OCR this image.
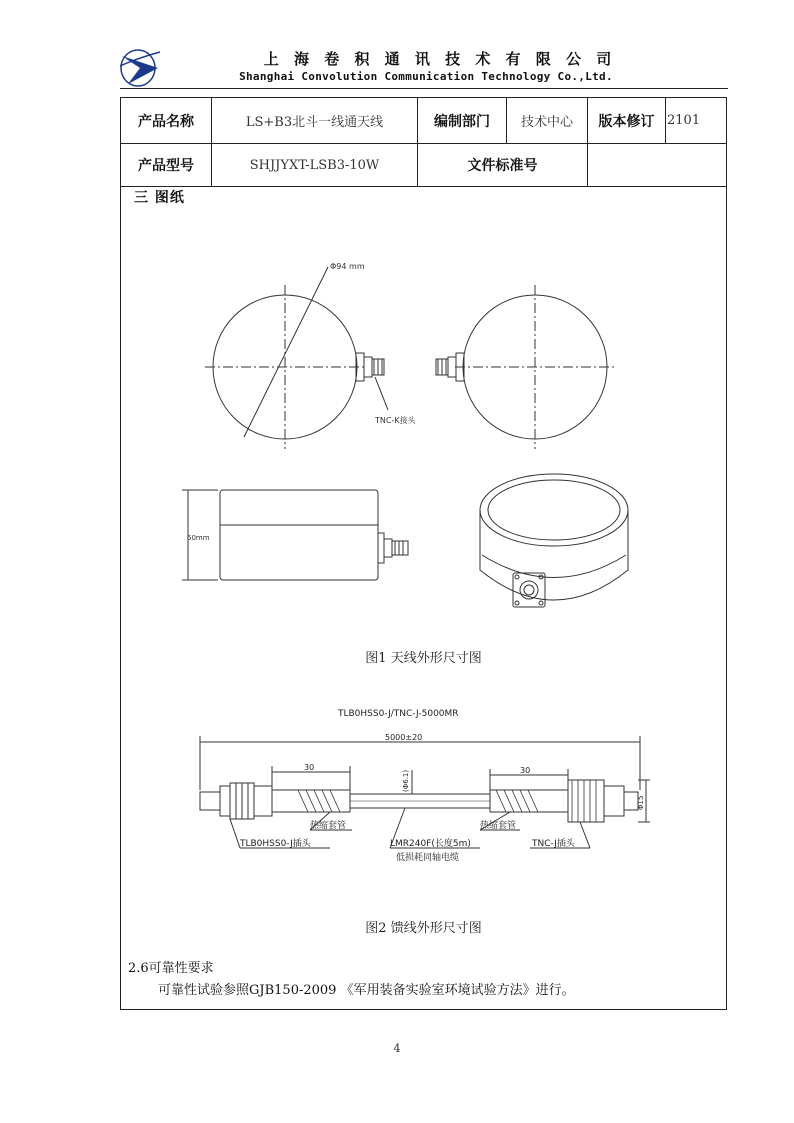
上 海 卷 积 通 讯 技 术 有 限 公 司
Shanghai Convolution Communication Technology Co.,Ltd.
产品名称	LS+B3北斗一线通天线	编制部门	技术中心	版本修订 2101
产品型号	SHJJYXT-LSB3-10W	文件标准号
三 图纸
Φ94 mm
TNC-K接头
50mm
图1 天线外形尺寸图
TLB0HSS0-J/TNC-J-5000MR
5000±20
30	30
(Φ6.1)
Φ15
热缩套管	热缩套管
TLB0HSS0-J插头	LMR240F(长度5m)
低损耗同轴电缆
TNC-J插头
图2 馈线外形尺寸图
2.6可靠性要求
可靠性试验参照GJB150-2009 《军用装备实验室环境试验方法》进行。
4
